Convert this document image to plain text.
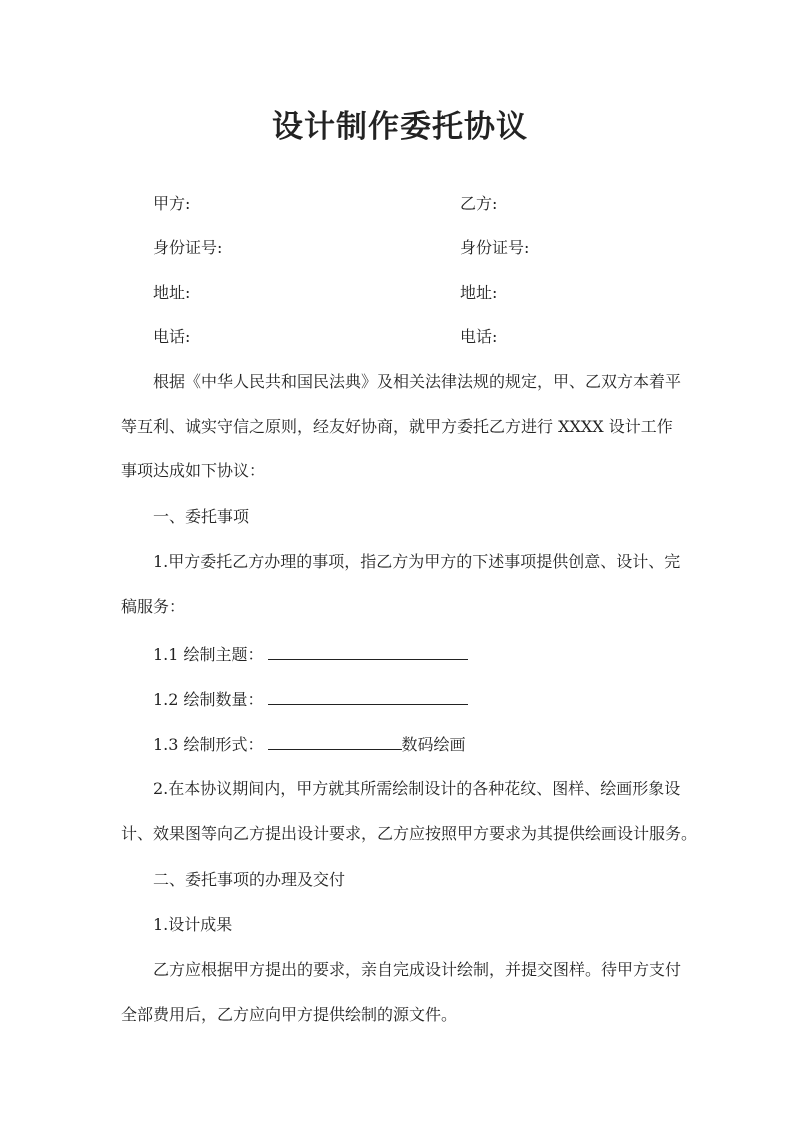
设计制作委托协议
甲方:	乙方:
身份证号:	身份证号:
地址:	地址:
电话:	电话:
根据《中华人民共和国民法典》及相关法律法规的规定，甲、乙双方本着平
等互利、诚实守信之原则，经友好协商，就甲方委托乙方进行 XXXX 设计工作
事项达成如下协议：
一、委托事项
1.甲方委托乙方办理的事项，指乙方为甲方的下述事项提供创意、设计、完
稿服务：
1.1 绘制主题：
1.2 绘制数量：
1.3 绘制形式：	数码绘画
2.在本协议期间内，甲方就其所需绘制设计的各种花纹、图样、绘画形象设
计、效果图等向乙方提出设计要求，乙方应按照甲方要求为其提供绘画设计服务。
二、委托事项的办理及交付
1.设计成果
乙方应根据甲方提出的要求，亲自完成设计绘制，并提交图样。待甲方支付
全部费用后，乙方应向甲方提供绘制的源文件。
